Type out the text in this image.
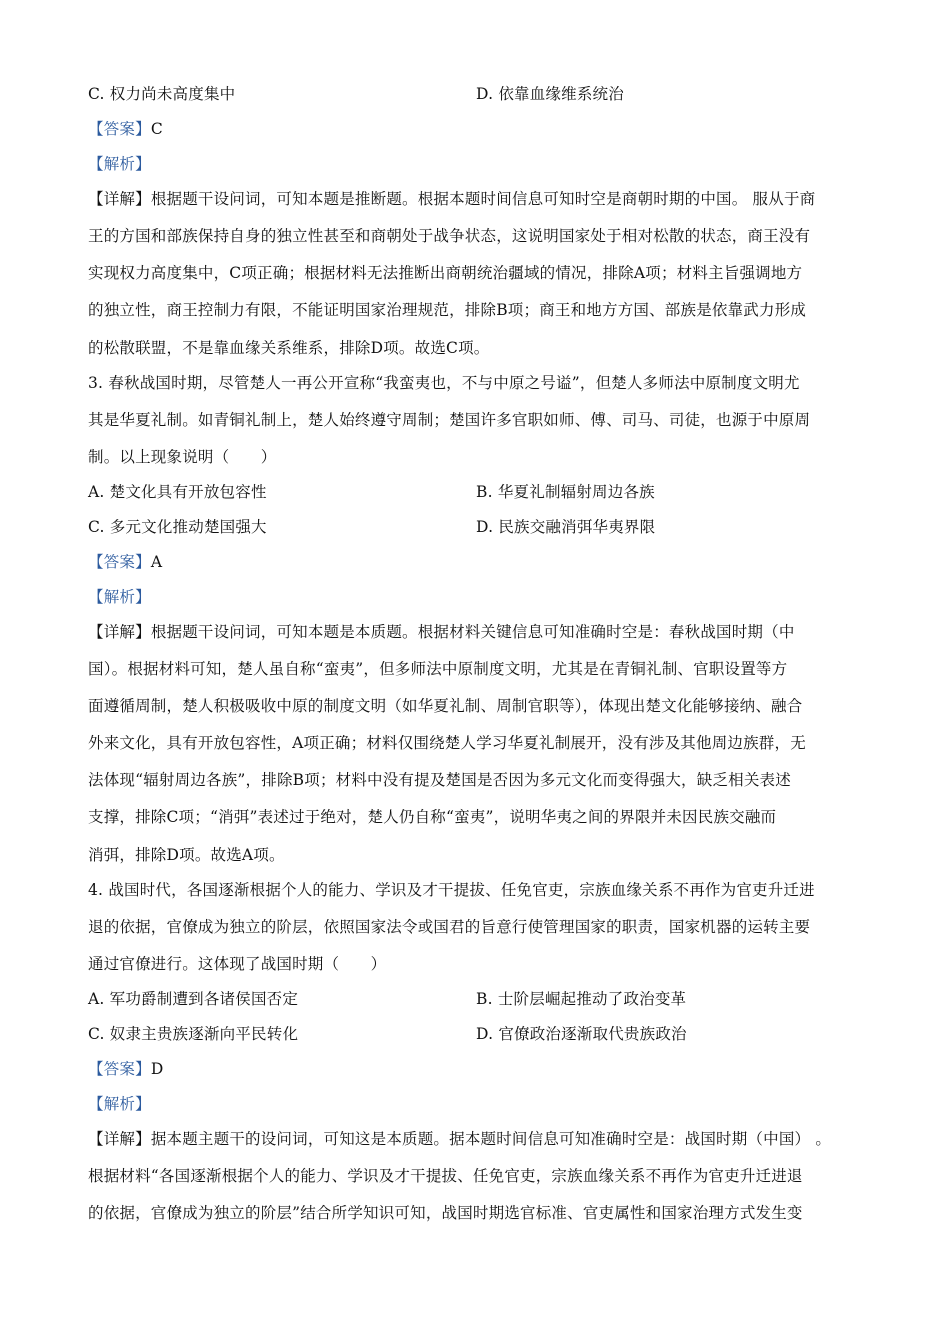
C. 权力尚未高度集中	D. 依靠血缘维系统治
【答案】C
【解析】
【详解】根据题干设问词，可知本题是推断题。根据本题时间信息可知时空是商朝时期的中国。 服从于商
王的方国和部族保持自身的独立性甚至和商朝处于战争状态，这说明国家处于相对松散的状态，商王没有
实现权力高度集中，C项正确；根据材料无法推断出商朝统治疆域的情况，排除A项；材料主旨强调地方
的独立性，商王控制力有限，不能证明国家治理规范，排除B项；商王和地方方国、部族是依靠武力形成
的松散联盟，不是靠血缘关系维系，排除D项。故选C项。
3. 春秋战国时期，尽管楚人一再公开宣称“我蛮夷也，不与中原之号谥”，但楚人多师法中原制度文明尤
其是华夏礼制。如青铜礼制上，楚人始终遵守周制；楚国许多官职如师、傅、司马、司徒，也源于中原周
制。以上现象说明（　　）
A. 楚文化具有开放包容性	B. 华夏礼制辐射周边各族
C. 多元文化推动楚国强大	D. 民族交融消弭华夷界限
【答案】A
【解析】
【详解】根据题干设问词，可知本题是本质题。根据材料关键信息可知准确时空是：春秋战国时期（中
国）。根据材料可知，楚人虽自称“蛮夷”，但多师法中原制度文明，尤其是在青铜礼制、官职设置等方
面遵循周制，楚人积极吸收中原的制度文明（如华夏礼制、周制官职等），体现出楚文化能够接纳、融合
外来文化，具有开放包容性，A项正确；材料仅围绕楚人学习华夏礼制展开，没有涉及其他周边族群，无
法体现“辐射周边各族”，排除B项；材料中没有提及楚国是否因为多元文化而变得强大，缺乏相关表述
支撑，排除C项；“消弭”表述过于绝对，楚人仍自称“蛮夷”，说明华夷之间的界限并未因民族交融而
消弭，排除D项。故选A项。
4. 战国时代，各国逐渐根据个人的能力、学识及才干提拔、任免官吏，宗族血缘关系不再作为官吏升迁进
退的依据，官僚成为独立的阶层，依照国家法令或国君的旨意行使管理国家的职责，国家机器的运转主要
通过官僚进行。这体现了战国时期（　　）
A. 军功爵制遭到各诸侯国否定	B. 士阶层崛起推动了政治变革
C. 奴隶主贵族逐渐向平民转化	D. 官僚政治逐渐取代贵族政治
【答案】D
【解析】
【详解】据本题主题干的设问词，可知这是本质题。据本题时间信息可知准确时空是：战国时期（中国） 。
根据材料“各国逐渐根据个人的能力、学识及才干提拔、任免官吏，宗族血缘关系不再作为官吏升迁进退
的依据，官僚成为独立的阶层”结合所学知识可知，战国时期选官标准、官吏属性和国家治理方式发生变
